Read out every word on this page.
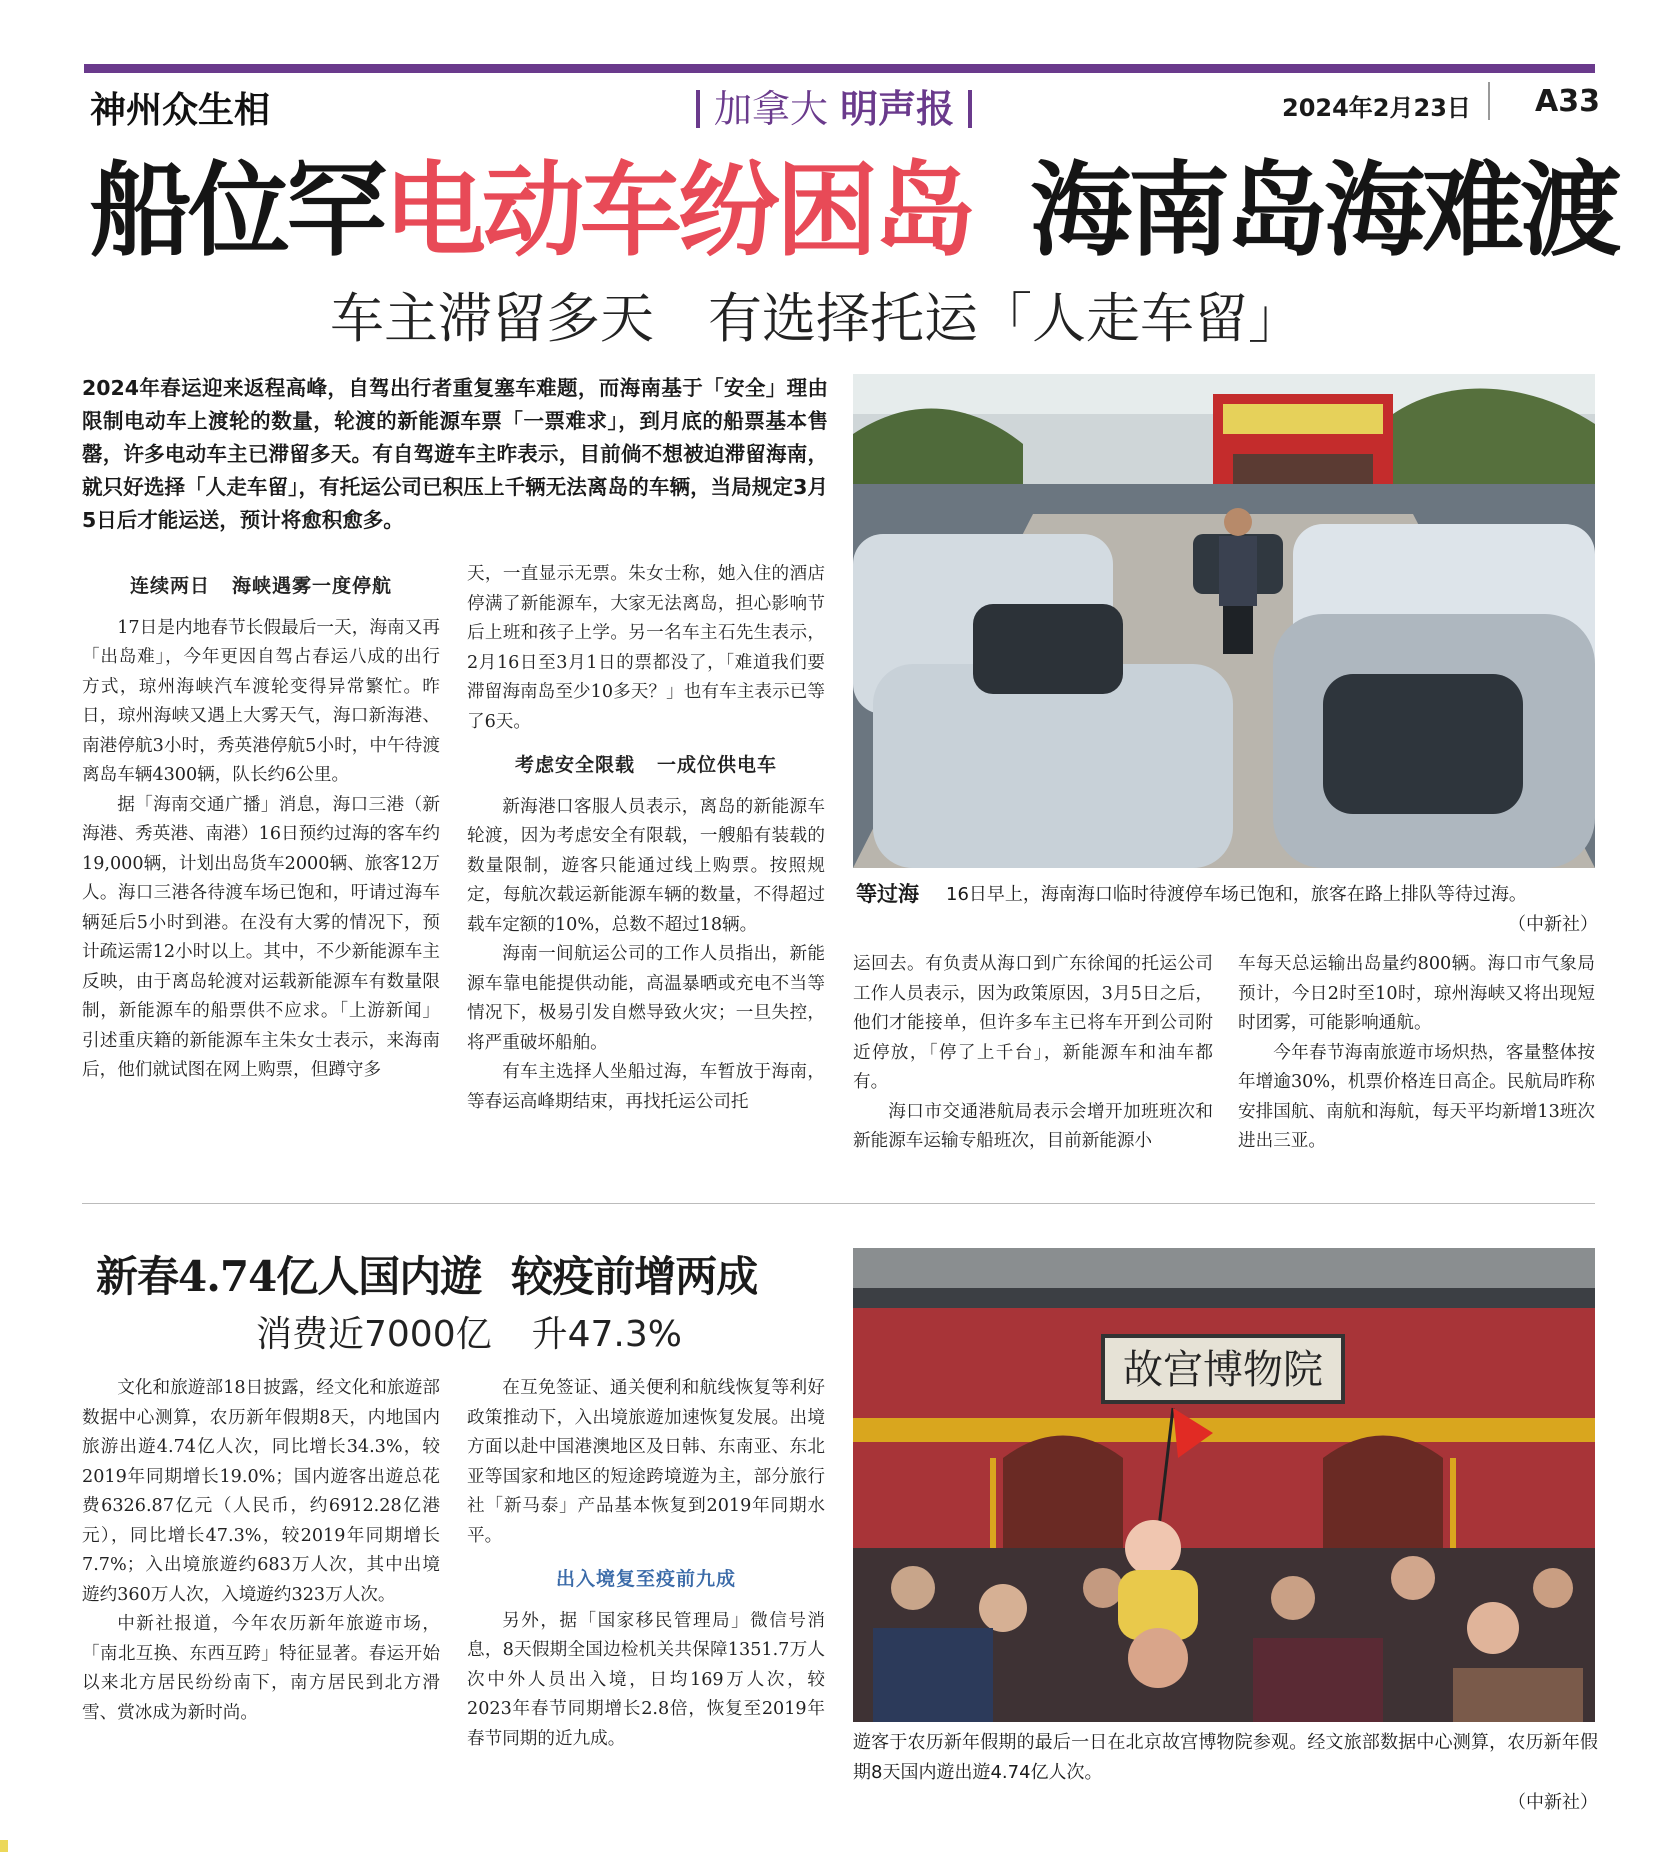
神州众生相	加拿大 明声报	2024年2月23日 A33
船位罕 电动车纷困岛 海南岛海难渡
车主滞留多天　有选择托运「人走车留」
2024年春运迎来返程高峰，自驾出行者重复塞车难题，而海南基于「安全」理由限制电动车上渡轮的数量，轮渡的新能源车票「一票难求」，到月底的船票基本售罄，许多电动车主已滞留多天。有自驾遊车主昨表示，目前倘不想被迫滞留海南，就只好选择「人走车留」，有托运公司已积压上千辆无法离岛的车辆，当局规定3月5日后才能运送，预计将愈积愈多。
连续两日 海峡遇雾一度停航

17日是内地春节长假最后一天，海南又再「出岛难」，今年更因自驾占春运八成的出行方式，琼州海峡汽车渡轮变得异常繁忙。昨日，琼州海峡又遇上大雾天气，海口新海港、南港停航3小时，秀英港停航5小时，中午待渡离岛车辆4300辆，队长约6公里。

据「海南交通广播」消息，海口三港（新海港、秀英港、南港）16日预约过海的客车约19,000辆，计划出岛货车2000辆、旅客12万人。海口三港各待渡车场已饱和，吁请过海车辆延后5小时到港。在没有大雾的情况下，预计疏运需12小时以上。其中，不少新能源车主反映，由于离岛轮渡对运载新能源车有数量限制，新能源车的船票供不应求。「上游新闻」引述重庆籍的新能源车主朱女士表示，来海南后，他们就试图在网上购票，但蹲守多

天，一直显示无票。朱女士称，她入住的酒店停满了新能源车，大家无法离岛，担心影响节后上班和孩子上学。另一名车主石先生表示，2月16日至3月1日的票都没了，「难道我们要滞留海南岛至少10多天？」也有车主表示已等了6天。

考虑安全限载 一成位供电车

新海港口客服人员表示，离岛的新能源车轮渡，因为考虑安全有限载，一艘船有装载的数量限制，遊客只能通过线上购票。按照规定，每航次载运新能源车辆的数量，不得超过载车定额的10%，总数不超过18辆。

海南一间航运公司的工作人员指出，新能源车靠电能提供动能，高温暴晒或充电不当等情况下，极易引发自燃导致火灾；一旦失控，将严重破坏船舶。

有车主选择人坐船过海，车暂放于海南，等春运高峰期结束，再找托运公司托

等过海 16日早上，海南海口临时待渡停车场已饱和，旅客在路上排队等待过海。
（中新社）

运回去。有负责从海口到广东徐闻的托运公司工作人员表示，因为政策原因，3月5日之后，他们才能接单，但许多车主已将车开到公司附近停放，「停了上千台」，新能源车和油车都有。

海口市交通港航局表示会增开加班班次和新能源车运输专船班次，目前新能源小

车每天总运输出岛量约800辆。海口市气象局预计，今日2时至10时，琼州海峡又将出现短时团雾，可能影响通航。

今年春节海南旅遊市场炽热，客量整体按年增逾30%，机票价格连日高企。民航局昨称安排国航、南航和海航，每天平均新增13班次进出三亚。

新春4.74亿人国内遊 较疫前增两成
消费近7000亿 升47.3%

文化和旅遊部18日披露，经文化和旅遊部数据中心测算，农历新年假期8天，内地国内旅游出遊4.74亿人次，同比增长34.3%，较2019年同期增长19.0%；国内遊客出遊总花费6326.87亿元（人民币，约6912.28亿港元），同比增长47.3%，较2019年同期增长7.7%；入出境旅遊约683万人次，其中出境遊约360万人次，入境遊约323万人次。

中新社报道，今年农历新年旅遊市场，「南北互换、东西互跨」特征显著。春运开始以来北方居民纷纷南下，南方居民到北方滑雪、赏冰成为新时尚。

在互免签证、通关便利和航线恢复等利好政策推动下，入出境旅遊加速恢复发展。出境方面以赴中国港澳地区及日韩、东南亚、东北亚等国家和地区的短途跨境遊为主，部分旅行社「新马泰」产品基本恢复到2019年同期水平。

出入境复至疫前九成

另外，据「国家移民管理局」微信号消息，8天假期全国边检机关共保障1351.7万人次中外人员出入境，日均169万人次，较2023年春节同期增长2.8倍，恢复至2019年春节同期的近九成。

故宫博物院
遊客于农历新年假期的最后一日在北京故宫博物院参观。经文旅部数据中心测算，农历新年假期8天国内遊出遊4.74亿人次。
（中新社）
